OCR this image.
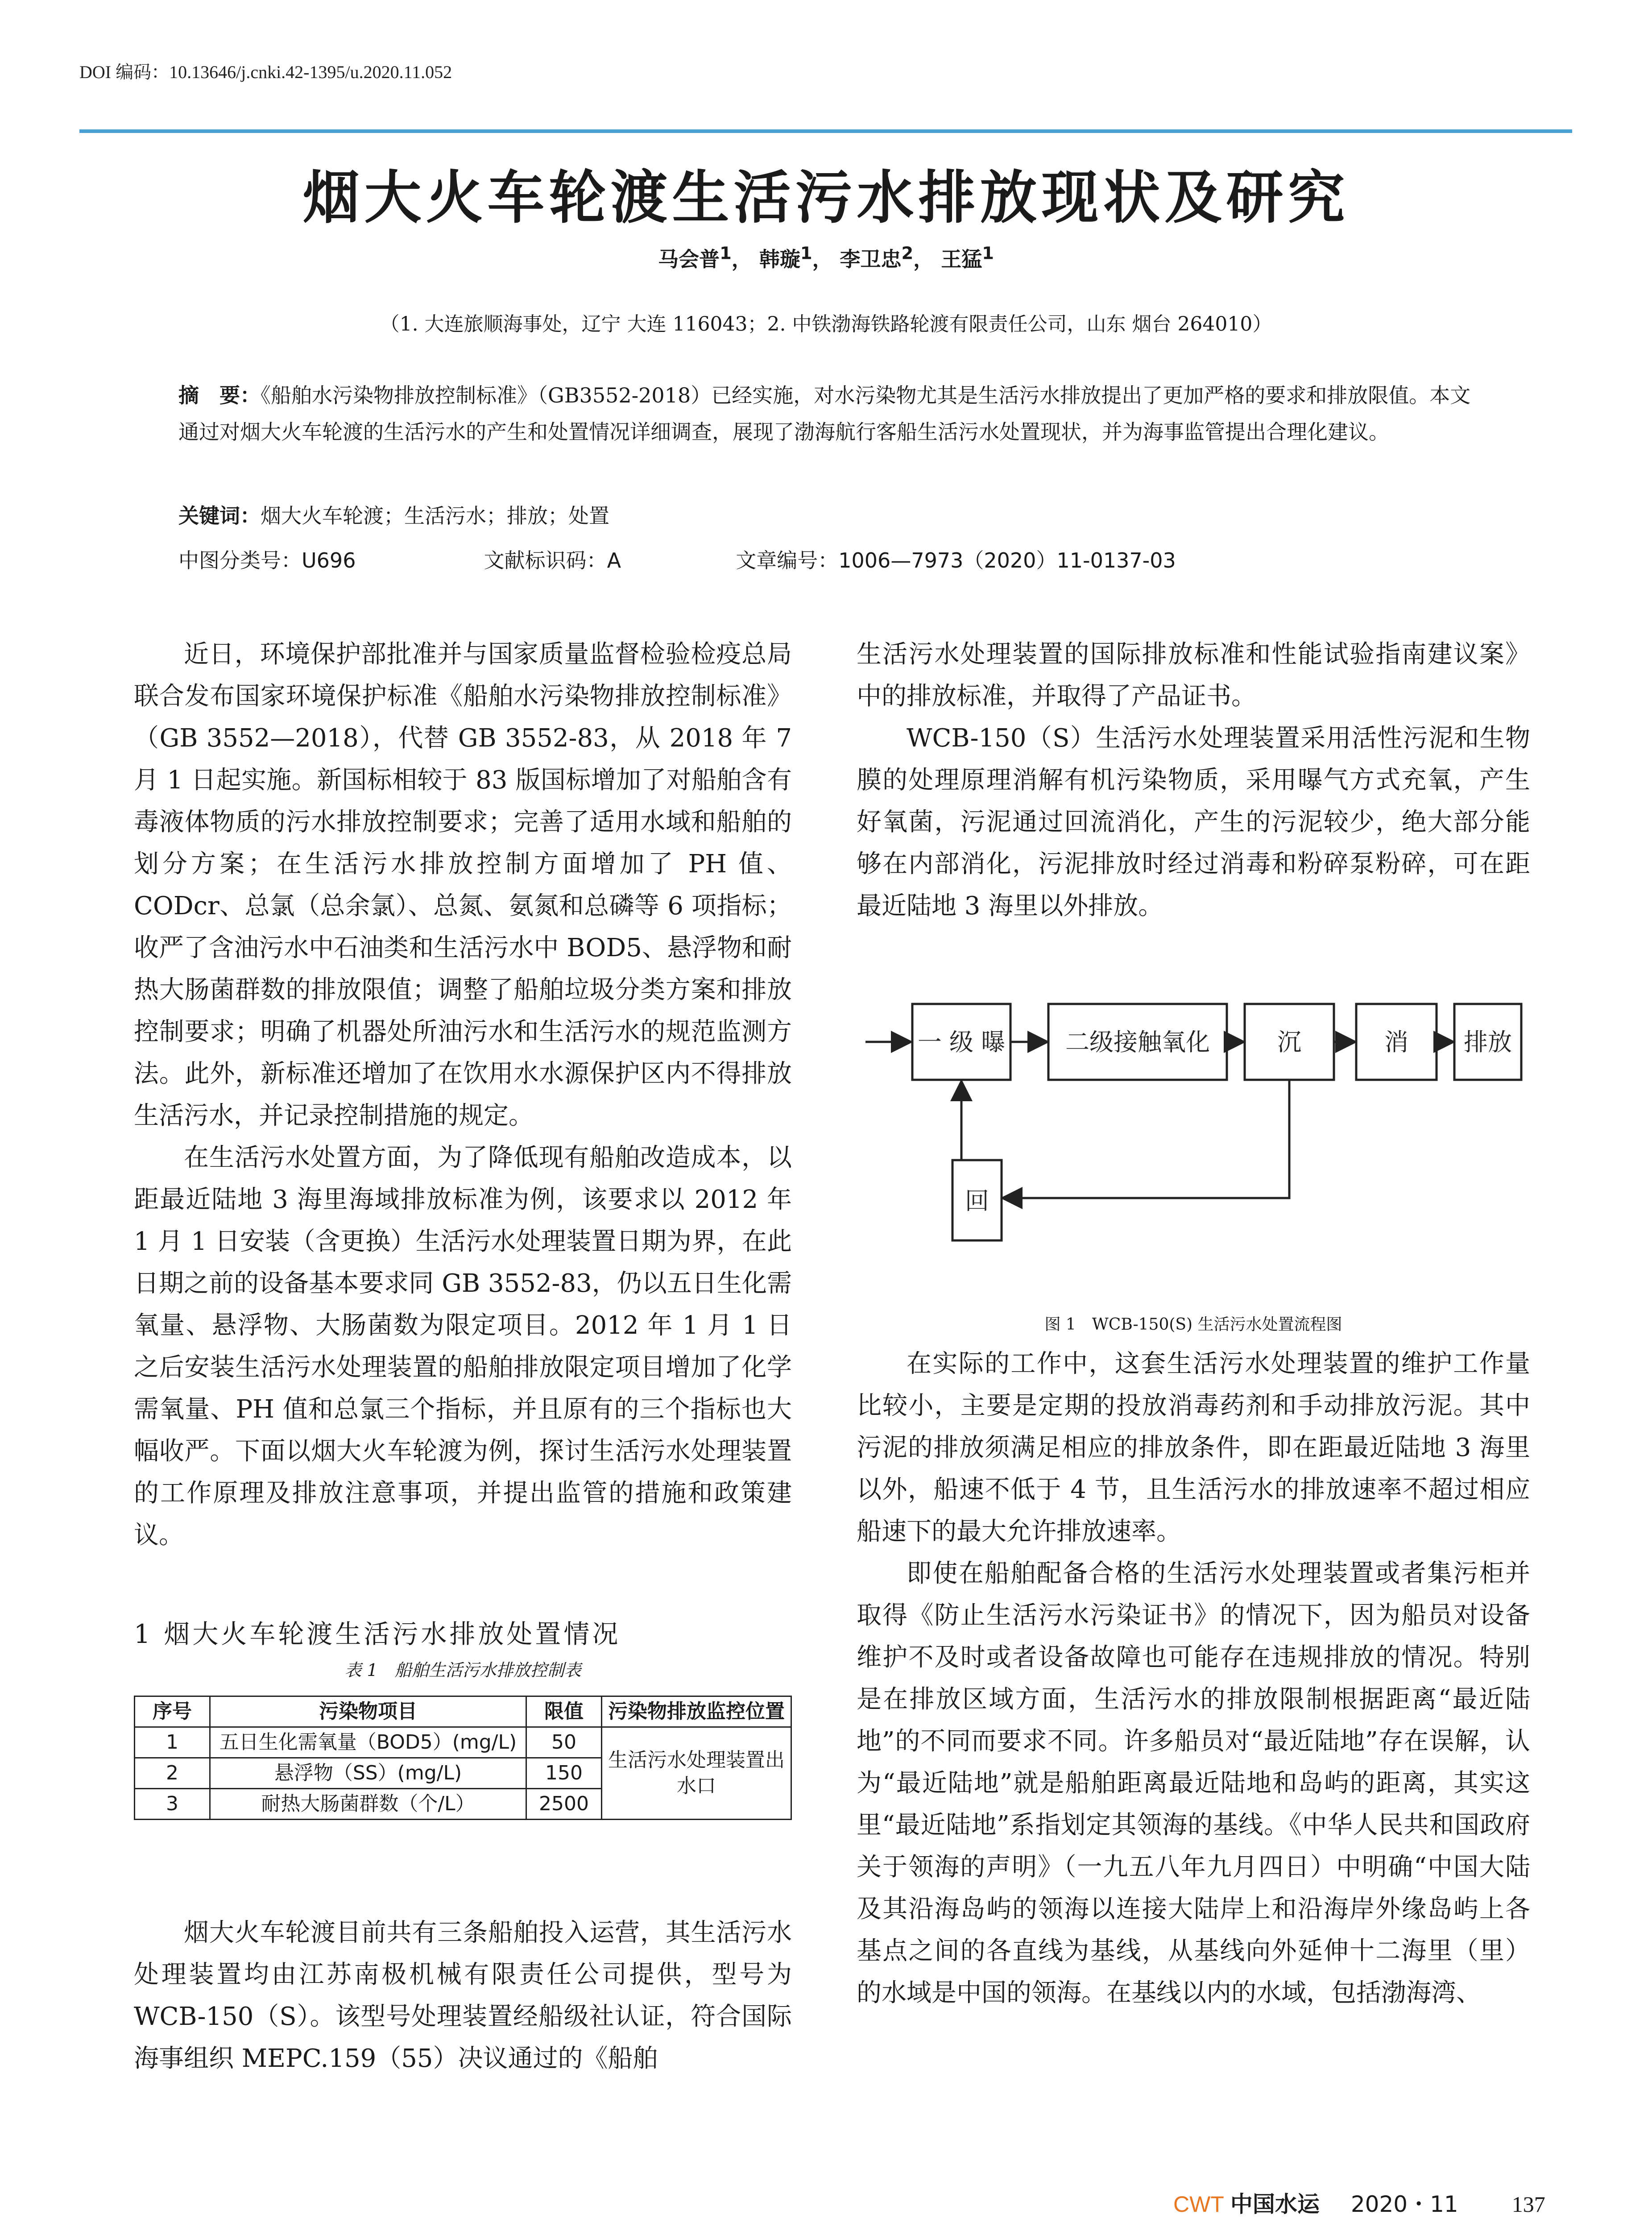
DOI 编码：10.13646/j.cnki.42-1395/u.2020.11.052
烟大火车轮渡生活污水排放现状及研究
马会普$^1$， 韩璇$^1$， 李卫忠$^2$， 王猛$^1$
（1. 大连旅顺海事处，辽宁 大连 116043；2. 中铁渤海铁路轮渡有限责任公司，山东 烟台 264010）
摘　要：《船舶水污染物排放控制标准》（GB3552-2018）已经实施，对水污染物尤其是生活污水排放提出了更加严格的要求和排放限值。本文通过对烟大火车轮渡的生活污水的产生和处置情况详细调查，展现了渤海航行客船生活污水处置现状，并为海事监管提出合理化建议。
关键词：烟大火车轮渡；生活污水；排放；处置
中图分类号：U696	文献标识码：A	文章编号：1006—7973（2020）11-0137-03

近日，环境保护部批准并与国家质量监督检验检疫总局联合发布国家环境保护标准《船舶水污染物排放控制标准》（GB 3552—2018），代替 GB 3552-83，从 2018 年 7 月 1 日起实施。新国标相较于 83 版国标增加了对船舶含有毒液体物质的污水排放控制要求；完善了适用水域和船舶的划分方案；在生活污水排放控制方面增加了 PH 值、CODcr、总氯（总余氯）、总氮、氨氮和总磷等 6 项指标；收严了含油污水中石油类和生活污水中 BOD5、悬浮物和耐热大肠菌群数的排放限值；调整了船舶垃圾分类方案和排放控制要求；明确了机器处所油污水和生活污水的规范监测方法。此外，新标准还增加了在饮用水水源保护区内不得排放生活污水，并记录控制措施的规定。

在生活污水处置方面，为了降低现有船舶改造成本，以距最近陆地 3 海里海域排放标准为例，该要求以 2012 年 1 月 1 日安装（含更换）生活污水处理装置日期为界，在此日期之前的设备基本要求同 GB 3552-83，仍以五日生化需氧量、悬浮物、大肠菌数为限定项目。2012 年 1 月 1 日之后安装生活污水处理装置的船舶排放限定项目增加了化学需氧量、PH 值和总氯三个指标，并且原有的三个指标也大幅收严。下面以烟大火车轮渡为例，探讨生活污水处理装置的工作原理及排放注意事项，并提出监管的措施和政策建议。

1 烟大火车轮渡生活污水排放处置情况
表 1　船舶生活污水排放控制表
序号	污染物项目	限值	污染物排放监控位置
1	五日生化需氧量（BOD5）(mg/L)	50	生活污水处理装置出水口
2	悬浮物（SS）(mg/L)	150	
3	耐热大肠菌群数（个/L）	2500	

烟大火车轮渡目前共有三条船舶投入运营，其生活污水处理装置均由江苏南极机械有限责任公司提供，型号为 WCB-150（S）。该型号处理装置经船级社认证，符合国际海事组织 MEPC.159（55）决议通过的《船舶

生活污水处理装置的国际排放标准和性能试验指南建议案》中的排放标准，并取得了产品证书。

WCB-150（S）生活污水处理装置采用活性污泥和生物膜的处理原理消解有机污染物质，采用曝气方式充氧，产生好氧菌，污泥通过回流消化，产生的污泥较少，绝大部分能够在内部消化，污泥排放时经过消毒和粉碎泵粉碎，可在距最近陆地 3 海里以外排放。

一 级 曝 二级接触氧化	沉	消 排放
回
图 1　WCB-150(S) 生活污水处置流程图

在实际的工作中，这套生活污水处理装置的维护工作量比较小，主要是定期的投放消毒药剂和手动排放污泥。其中污泥的排放须满足相应的排放条件，即在距最近陆地 3 海里以外，船速不低于 4 节，且生活污水的排放速率不超过相应船速下的最大允许排放速率。

即使在船舶配备合格的生活污水处理装置或者集污柜并取得《防止生活污水污染证书》的情况下，因为船员对设备维护不及时或者设备故障也可能存在违规排放的情况。特别是在排放区域方面，生活污水的排放限制根据距离“最近陆地”的不同而要求不同。许多船员对“最近陆地”存在误解，认为“最近陆地”就是船舶距离最近陆地和岛屿的距离，其实这里“最近陆地”系指划定其领海的基线。《中华人民共和国政府关于领海的声明》（一九五八年九月四日）中明确“中国大陆及其沿海岛屿的领海以连接大陆岸上和沿海岸外缘岛屿上各基点之间的各直线为基线，从基线向外延伸十二海里（里）的水域是中国的领海。在基线以内的水域，包括渤海湾、

CWT 中国水运 2020・11 137
